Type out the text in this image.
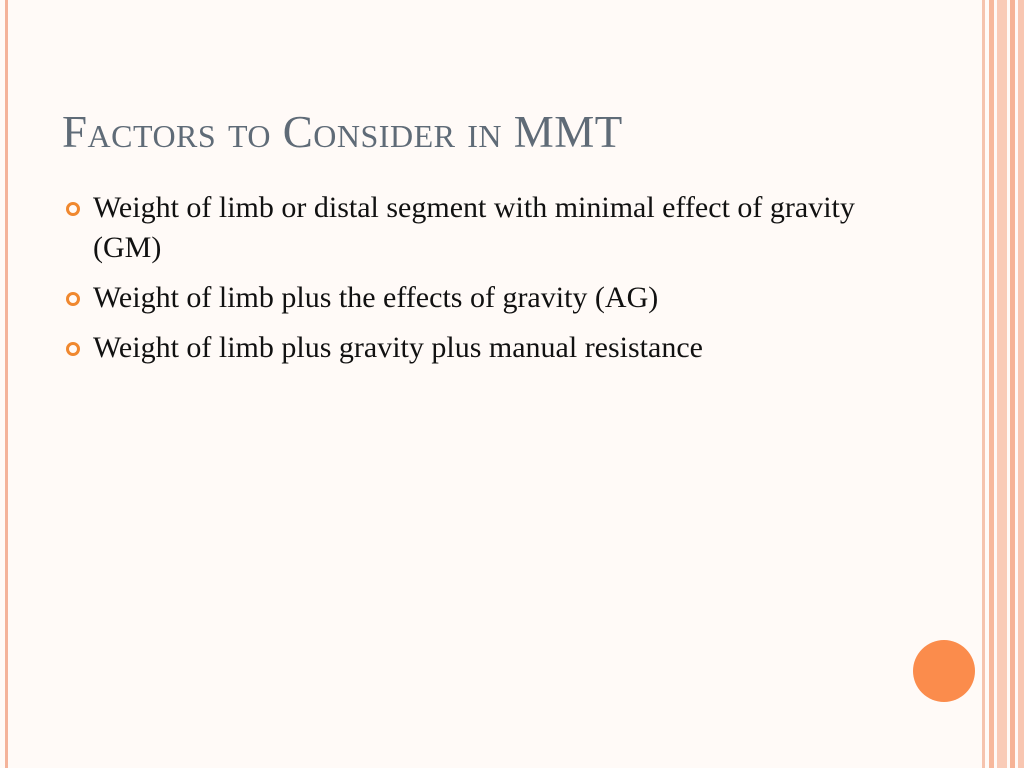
Factors to Consider in MMT
Weight of limb or distal segment with minimal effect of gravity (GM)
Weight of limb plus the effects of gravity (AG)
Weight of limb plus gravity plus manual resistance
